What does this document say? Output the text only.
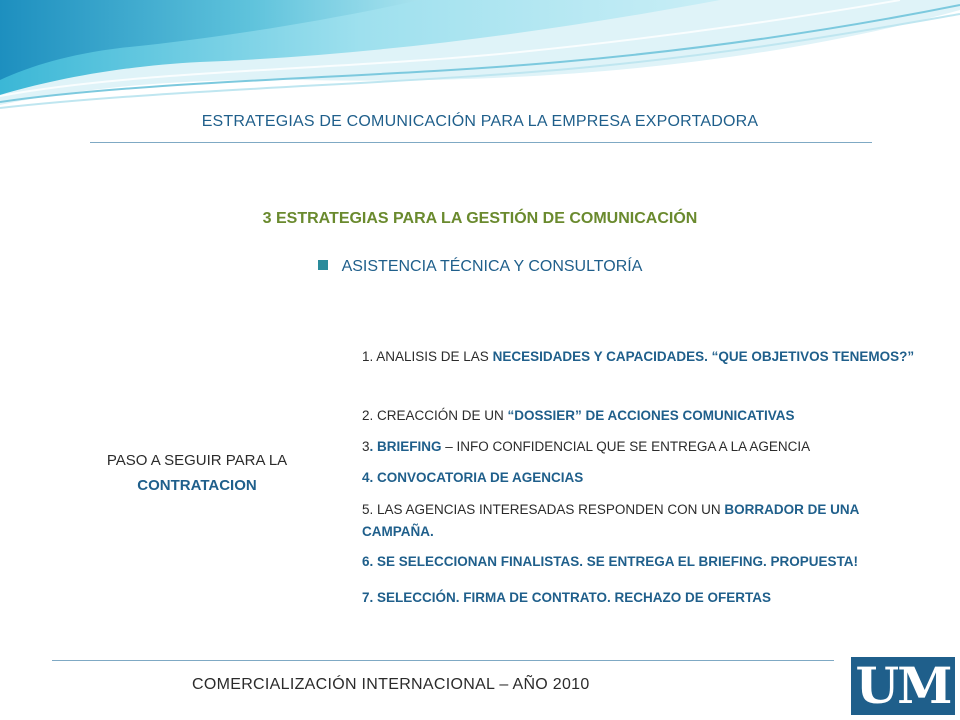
ESTRATEGIAS DE COMUNICACIÓN PARA LA EMPRESA EXPORTADORA
3 ESTRATEGIAS PARA LA GESTIÓN DE COMUNICACIÓN
ASISTENCIA TÉCNICA Y CONSULTORÍA
PASO A SEGUIR PARA LA
CONTRATACION
1. ANALISIS DE LAS NECESIDADES Y CAPACIDADES. “QUE OBJETIVOS TENEMOS?”
2. CREACCIÓN DE UN “DOSSIER” DE ACCIONES COMUNICATIVAS
3. BRIEFING – INFO CONFIDENCIAL QUE SE ENTREGA A LA AGENCIA
4. CONVOCATORIA DE AGENCIAS
5. LAS AGENCIAS INTERESADAS RESPONDEN CON UN BORRADOR DE UNA CAMPAÑA.
6. SE SELECCIONAN FINALISTAS. SE ENTREGA EL BRIEFING. PROPUESTA!
7. SELECCIÓN. FIRMA DE CONTRATO. RECHAZO DE OFERTAS
COMERCIALIZACIÓN INTERNACIONAL – AÑO 2010	UM
